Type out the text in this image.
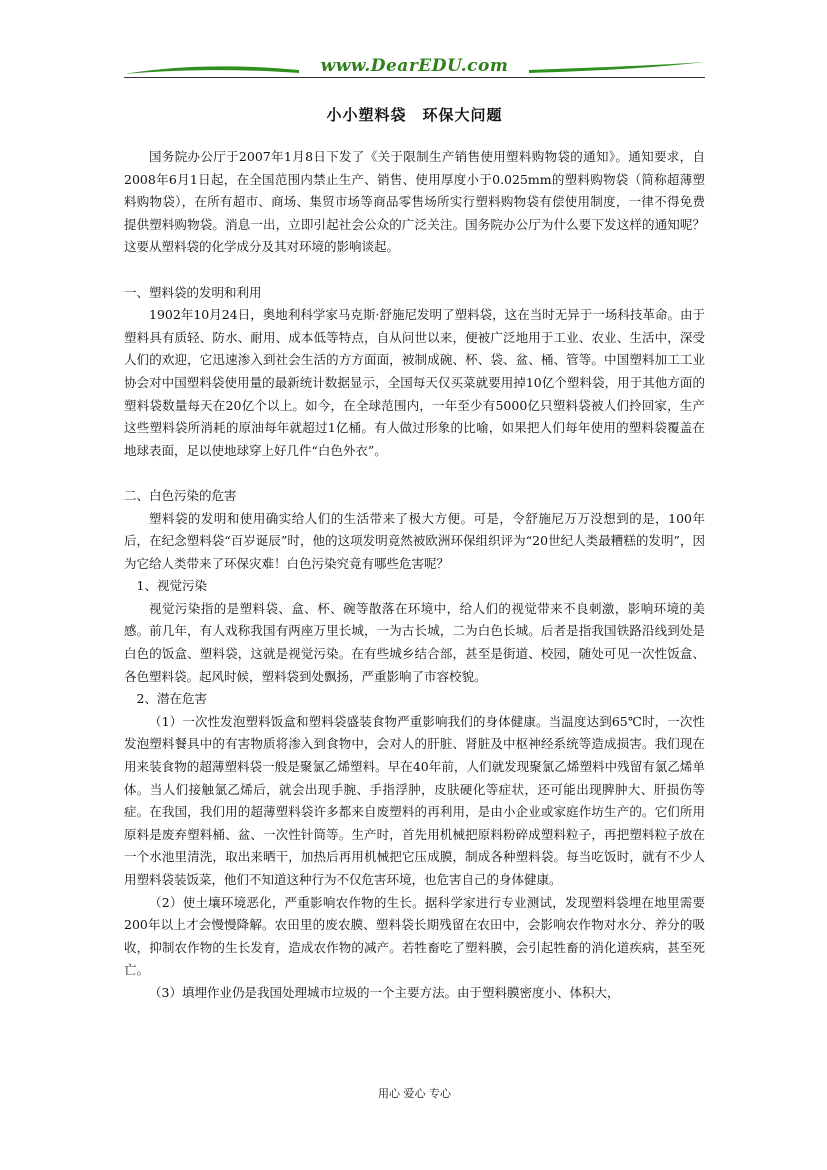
www.DearEDU.com
小小塑料袋　环保大问题

国务院办公厅于2007年1月8日下发了《关于限制生产销售使用塑料购物袋的通知》。通知要求，自2008年6月1日起，在全国范围内禁止生产、销售、使用厚度小于0.025mm的塑料购物袋（简称超薄塑料购物袋），在所有超市、商场、集贸市场等商品零售场所实行塑料购物袋有偿使用制度，一律不得免费提供塑料购物袋。消息一出，立即引起社会公众的广泛关注。国务院办公厅为什么要下发这样的通知呢？这要从塑料袋的化学成分及其对环境的影响谈起。

一、塑料袋的发明和利用

1902年10月24日，奥地利科学家马克斯·舒施尼发明了塑料袋，这在当时无异于一场科技革命。由于塑料具有质轻、防水、耐用、成本低等特点，自从问世以来，便被广泛地用于工业、农业、生活中，深受人们的欢迎，它迅速渗入到社会生活的方方面面，被制成碗、杯、袋、盆、桶、管等。中国塑料加工工业协会对中国塑料袋使用量的最新统计数据显示，全国每天仅买菜就要用掉10亿个塑料袋，用于其他方面的塑料袋数量每天在20亿个以上。如今，在全球范围内，一年至少有5000亿只塑料袋被人们拎回家，生产这些塑料袋所消耗的原油每年就超过1亿桶。有人做过形象的比喻，如果把人们每年使用的塑料袋覆盖在地球表面，足以使地球穿上好几件“白色外衣”。

二、白色污染的危害

塑料袋的发明和使用确实给人们的生活带来了极大方便。可是，令舒施尼万万没想到的是，100年后，在纪念塑料袋“百岁诞辰”时，他的这项发明竟然被欧洲环保组织评为“20世纪人类最糟糕的发明”，因为它给人类带来了环保灾难！白色污染究竟有哪些危害呢？

1、视觉污染

视觉污染指的是塑料袋、盒、杯、碗等散落在环境中，给人们的视觉带来不良刺激，影响环境的美感。前几年，有人戏称我国有两座万里长城，一为古长城，二为白色长城。后者是指我国铁路沿线到处是白色的饭盒、塑料袋，这就是视觉污染。在有些城乡结合部，甚至是街道、校园，随处可见一次性饭盒、各色塑料袋。起风时候，塑料袋到处飘扬，严重影响了市容校貌。

2、潜在危害

（1）一次性发泡塑料饭盒和塑料袋盛装食物严重影响我们的身体健康。当温度达到65℃时，一次性发泡塑料餐具中的有害物质将渗入到食物中，会对人的肝脏、肾脏及中枢神经系统等造成损害。我们现在用来装食物的超薄塑料袋一般是聚氯乙烯塑料。早在40年前，人们就发现聚氯乙烯塑料中残留有氯乙烯单体。当人们接触氯乙烯后，就会出现手腕、手指浮肿，皮肤硬化等症状，还可能出现脾肿大、肝损伤等症。在我国，我们用的超薄塑料袋许多都来自废塑料的再利用，是由小企业或家庭作坊生产的。它们所用原料是废弃塑料桶、盆、一次性针筒等。生产时，首先用机械把原料粉碎成塑料粒子，再把塑料粒子放在一个水池里清洗，取出来晒干，加热后再用机械把它压成膜，制成各种塑料袋。每当吃饭时，就有不少人用塑料袋装饭菜，他们不知道这种行为不仅危害环境，也危害自己的身体健康。

（2）使土壤环境恶化，严重影响农作物的生长。据科学家进行专业测试，发现塑料袋埋在地里需要200年以上才会慢慢降解。农田里的废农膜、塑料袋长期残留在农田中，会影响农作物对水分、养分的吸收，抑制农作物的生长发育，造成农作物的减产。若牲畜吃了塑料膜，会引起牲畜的消化道疾病，甚至死亡。

（3）填埋作业仍是我国处理城市垃圾的一个主要方法。由于塑料膜密度小、体积大，

用心 爱心 专心
